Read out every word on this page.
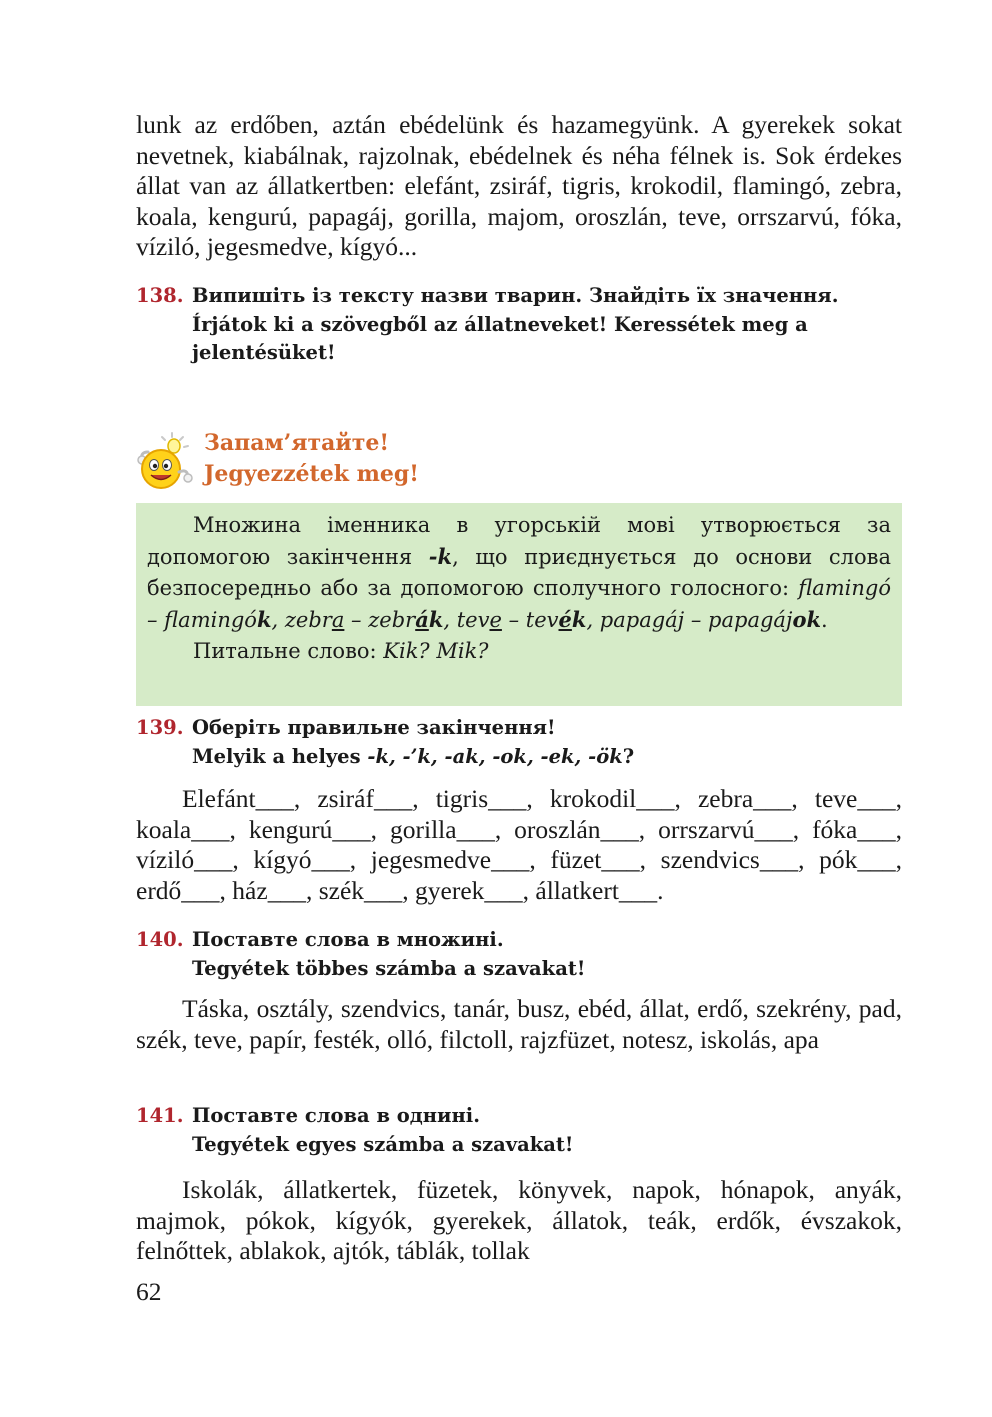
lunk az erdőben, aztán ebédelünk és hazamegyünk. A gyerekek sokat nevetnek, kiabálnak, rajzolnak, ebédelnek és néha félnek is. Sok érdekes állat van az állatkertben: elefánt, zsiráf, tigris, krokodil, flamingó, zebra, koala, kengurú, papagáj, gorilla, majom, oroszlán, teve, orrszarvú, fóka, víziló, jegesmedve, kígyó...

138. Випишіть із тексту назви тварин. Знайдіть їх значення.
Írjátok ki a szövegből az állatneveket! Keressétek meg a jelentésüket!
Запам’ятайте!
Jegyezzétek meg!

Множина іменника в угорській мові утворюється за допомогою закінчення -k, що приєднується до основи слова безпосередньо або за допомогою сполучного голосного: flamingó – flamingók, zebra – zebrák, teve – tevék, papagáj – papagájok.

Питальне слово: Kik? Mik?

139. Оберіть правильне закінчення!
Melyik a helyes -k, -’k, -ak, -ok, -ek, -ök?

Elefánt___, zsiráf___, tigris___, krokodil___, zebra___, teve___, koala___, kengurú___, gorilla___, oroszlán___, orrszarvú___, fóka___, víziló___, kígyó___, jegesmedve___, füzet___, szendvics___, pók___, erdő___, ház___, szék___, gyerek___, állatkert___.

140. Поставте слова в множині.
Tegyétek többes számba a szavakat!

Táska, osztály, szendvics, tanár, busz, ebéd, állat, erdő, szekrény, pad, szék, teve, papír, festék, olló, filctoll, rajzfüzet, notesz, iskolás, apa

141. Поставте слова в однині.
Tegyétek egyes számba a szavakat!

Iskolák, állatkertek, füzetek, könyvek, napok, hónapok, anyák, majmok, pókok, kígyók, gyerekek, állatok, teák, erdők, évszakok, felnőttek, ablakok, ajtók, táblák, tollak

62
